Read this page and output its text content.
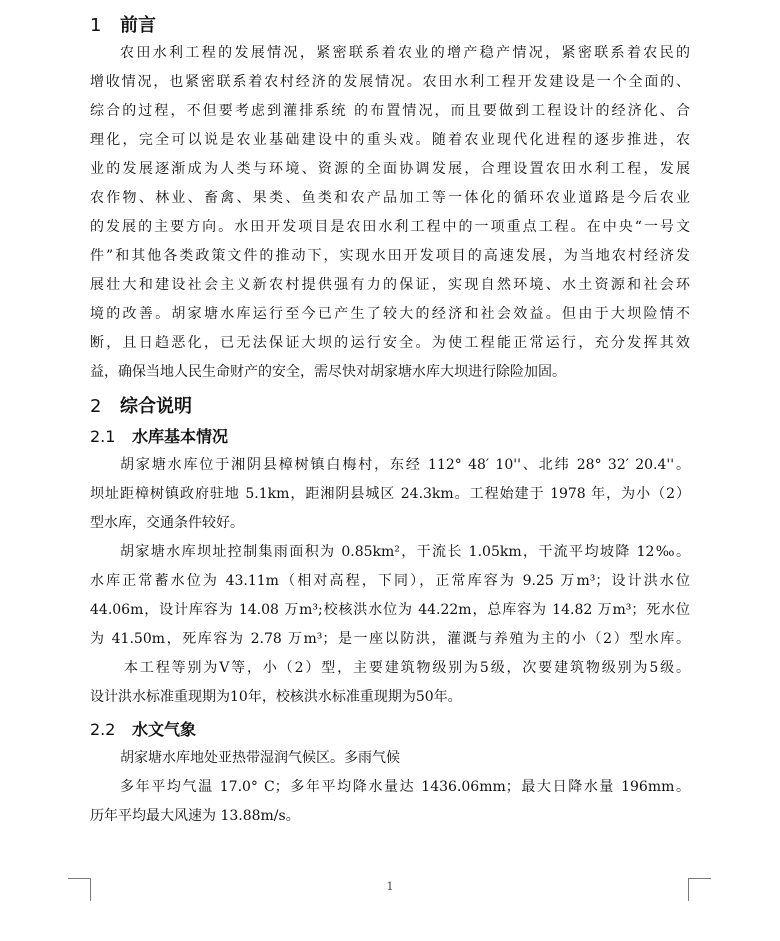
1 前言
农田水利工程的发展情况，紧密联系着农业的增产稳产情况，紧密联系着农民的
增收情况，也紧密联系着农村经济的发展情况。农田水利工程开发建设是一个全面的、
综合的过程，不但要考虑到灌排系统 的布置情况，而且要做到工程设计的经济化、合
理化，完全可以说是农业基础建设中的重头戏。随着农业现代化进程的逐步推进，农
业的发展逐渐成为人类与环境、资源的全面协调发展，合理设置农田水利工程，发展
农作物、林业、畜禽、果类、鱼类和农产品加工等一体化的循环农业道路是今后农业
的发展的主要方向。水田开发项目是农田水利工程中的一项重点工程。在中央“一号文
件”和其他各类政策文件的推动下，实现水田开发项目的高速发展，为当地农村经济发
展壮大和建设社会主义新农村提供强有力的保证，实现自然环境、水土资源和社会环
境的改善。胡家塘水库运行至今已产生了较大的经济和社会效益。但由于大坝险情不
断，且日趋恶化，已无法保证大坝的运行安全。为使工程能正常运行，充分发挥其效
益，确保当地人民生命财产的安全，需尽快对胡家塘水库大坝进行除险加固。
2 综合说明
2.1 水库基本情况
胡家塘水库位于湘阴县樟树镇白梅村，东经 112° 48′ 10''、北纬 28° 32′ 20.4''。
坝址距樟树镇政府驻地 5.1km，距湘阴县城区 24.3km。工程始建于 1978 年，为小（2）
型水库，交通条件较好。
胡家塘水库坝址控制集雨面积为 0.85km²，干流长 1.05km，干流平均坡降 12‰。
水库正常蓄水位为 43.11m（相对高程，下同），正常库容为 9.25 万m³；设计洪水位
44.06m，设计库容为 14.08 万m³;校核洪水位为 44.22m，总库容为 14.82 万m³；死水位
为 41.50m，死库容为 2.78 万m³；是一座以防洪，灌溉与养殖为主的小（2）型水库。
本工程等别为Ⅴ等，小（2）型，主要建筑物级别为5级，次要建筑物级别为5级。
设计洪水标准重现期为10年，校核洪水标准重现期为50年。
2.2 水文气象
胡家塘水库地处亚热带湿润气候区。多雨气候
多年平均气温 17.0° C；多年平均降水量达 1436.06mm；最大日降水量 196mm。
历年平均最大风速为 13.88m/s。
1
